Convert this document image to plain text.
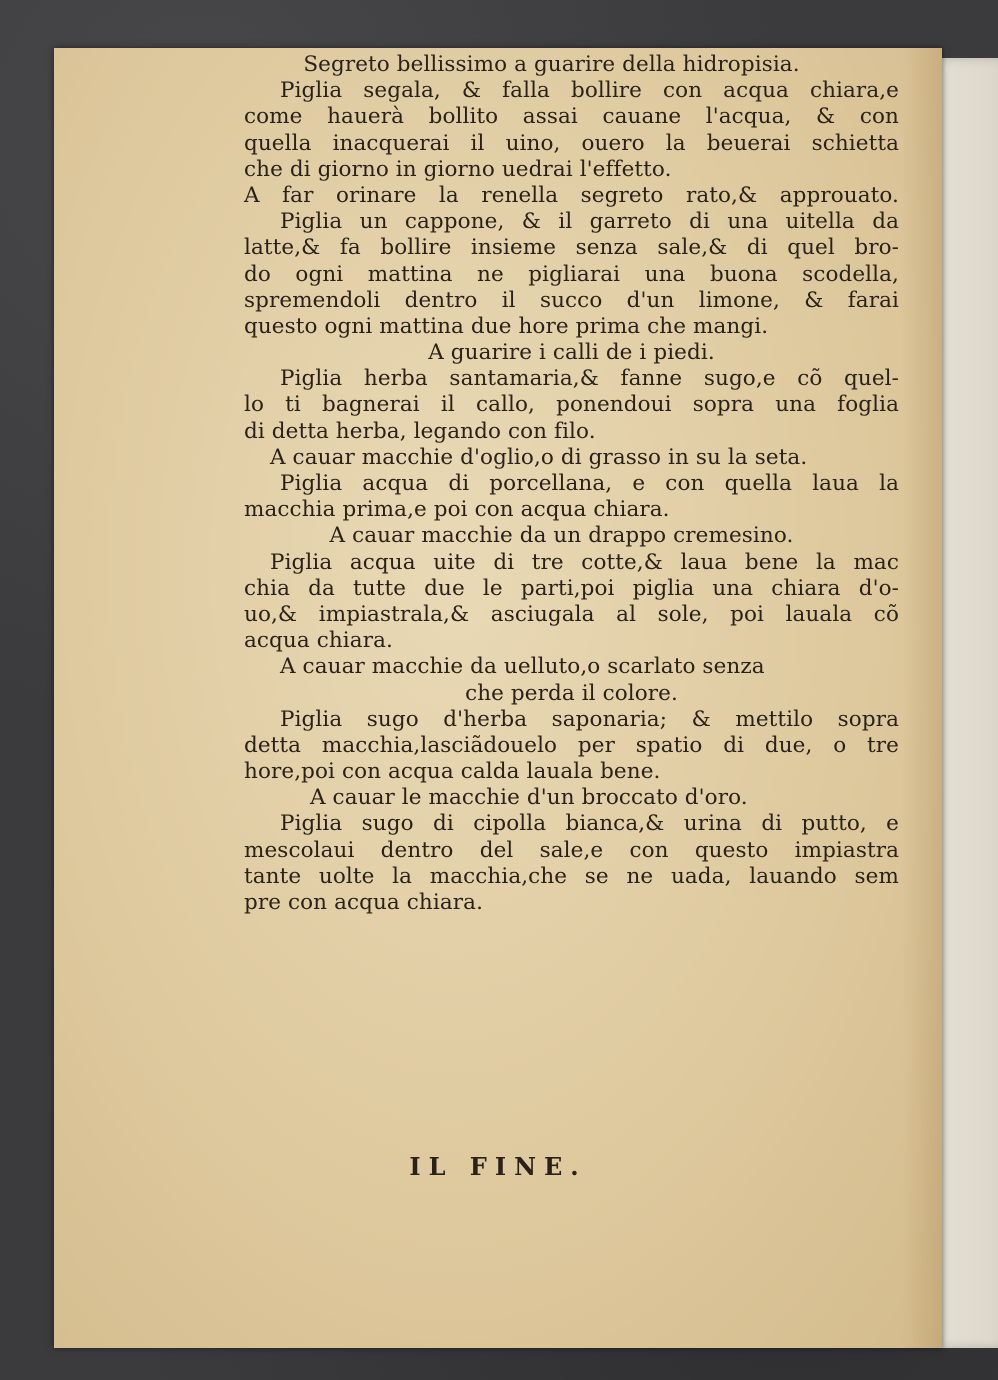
Segreto bellissimo a guarire della hidropisia.
Piglia segala, & falla bollire con acqua chiara,e
come hauerà bollito assai cauane l'acqua, & con
quella inacquerai il uino, ouero la beuerai schietta
che di giorno in giorno uedrai l'effetto.
A far orinare la renella segreto rato,& approuato.
Piglia un cappone, & il garreto di una uitella da
latte,& fa bollire insieme senza sale,& di quel bro-
do ogni mattina ne pigliarai una buona scodella,
spremendoli dentro il succo d'un limone, & farai
questo ogni mattina due hore prima che mangi.
A guarire i calli de i piedi.
Piglia herba santamaria,& fanne sugo,e cõ quel-
lo ti bagnerai il callo, ponendoui sopra una foglia
di detta herba, legando con filo.
A cauar macchie d'oglio,o di grasso in su la seta.
Piglia acqua di porcellana, e con quella laua la
macchia prima,e poi con acqua chiara.
A cauar macchie da un drappo cremesino.
Piglia acqua uite di tre cotte,& laua bene la mac
chia da tutte due le parti,poi piglia una chiara d'o-
uo,& impiastrala,& asciugala al sole, poi lauala cõ
acqua chiara.
A cauar macchie da uelluto,o scarlato senza
che perda il colore.
Piglia sugo d'herba saponaria; & mettilo sopra
detta macchia,lasciãdouelo per spatio di due, o tre
hore,poi con acqua calda lauala bene.
A cauar le macchie d'un broccato d'oro.
Piglia sugo di cipolla bianca,& urina di putto, e
mescolaui dentro del sale,e con questo impiastra
tante uolte la macchia,che se ne uada, lauando sem
pre con acqua chiara.
IL FINE.
